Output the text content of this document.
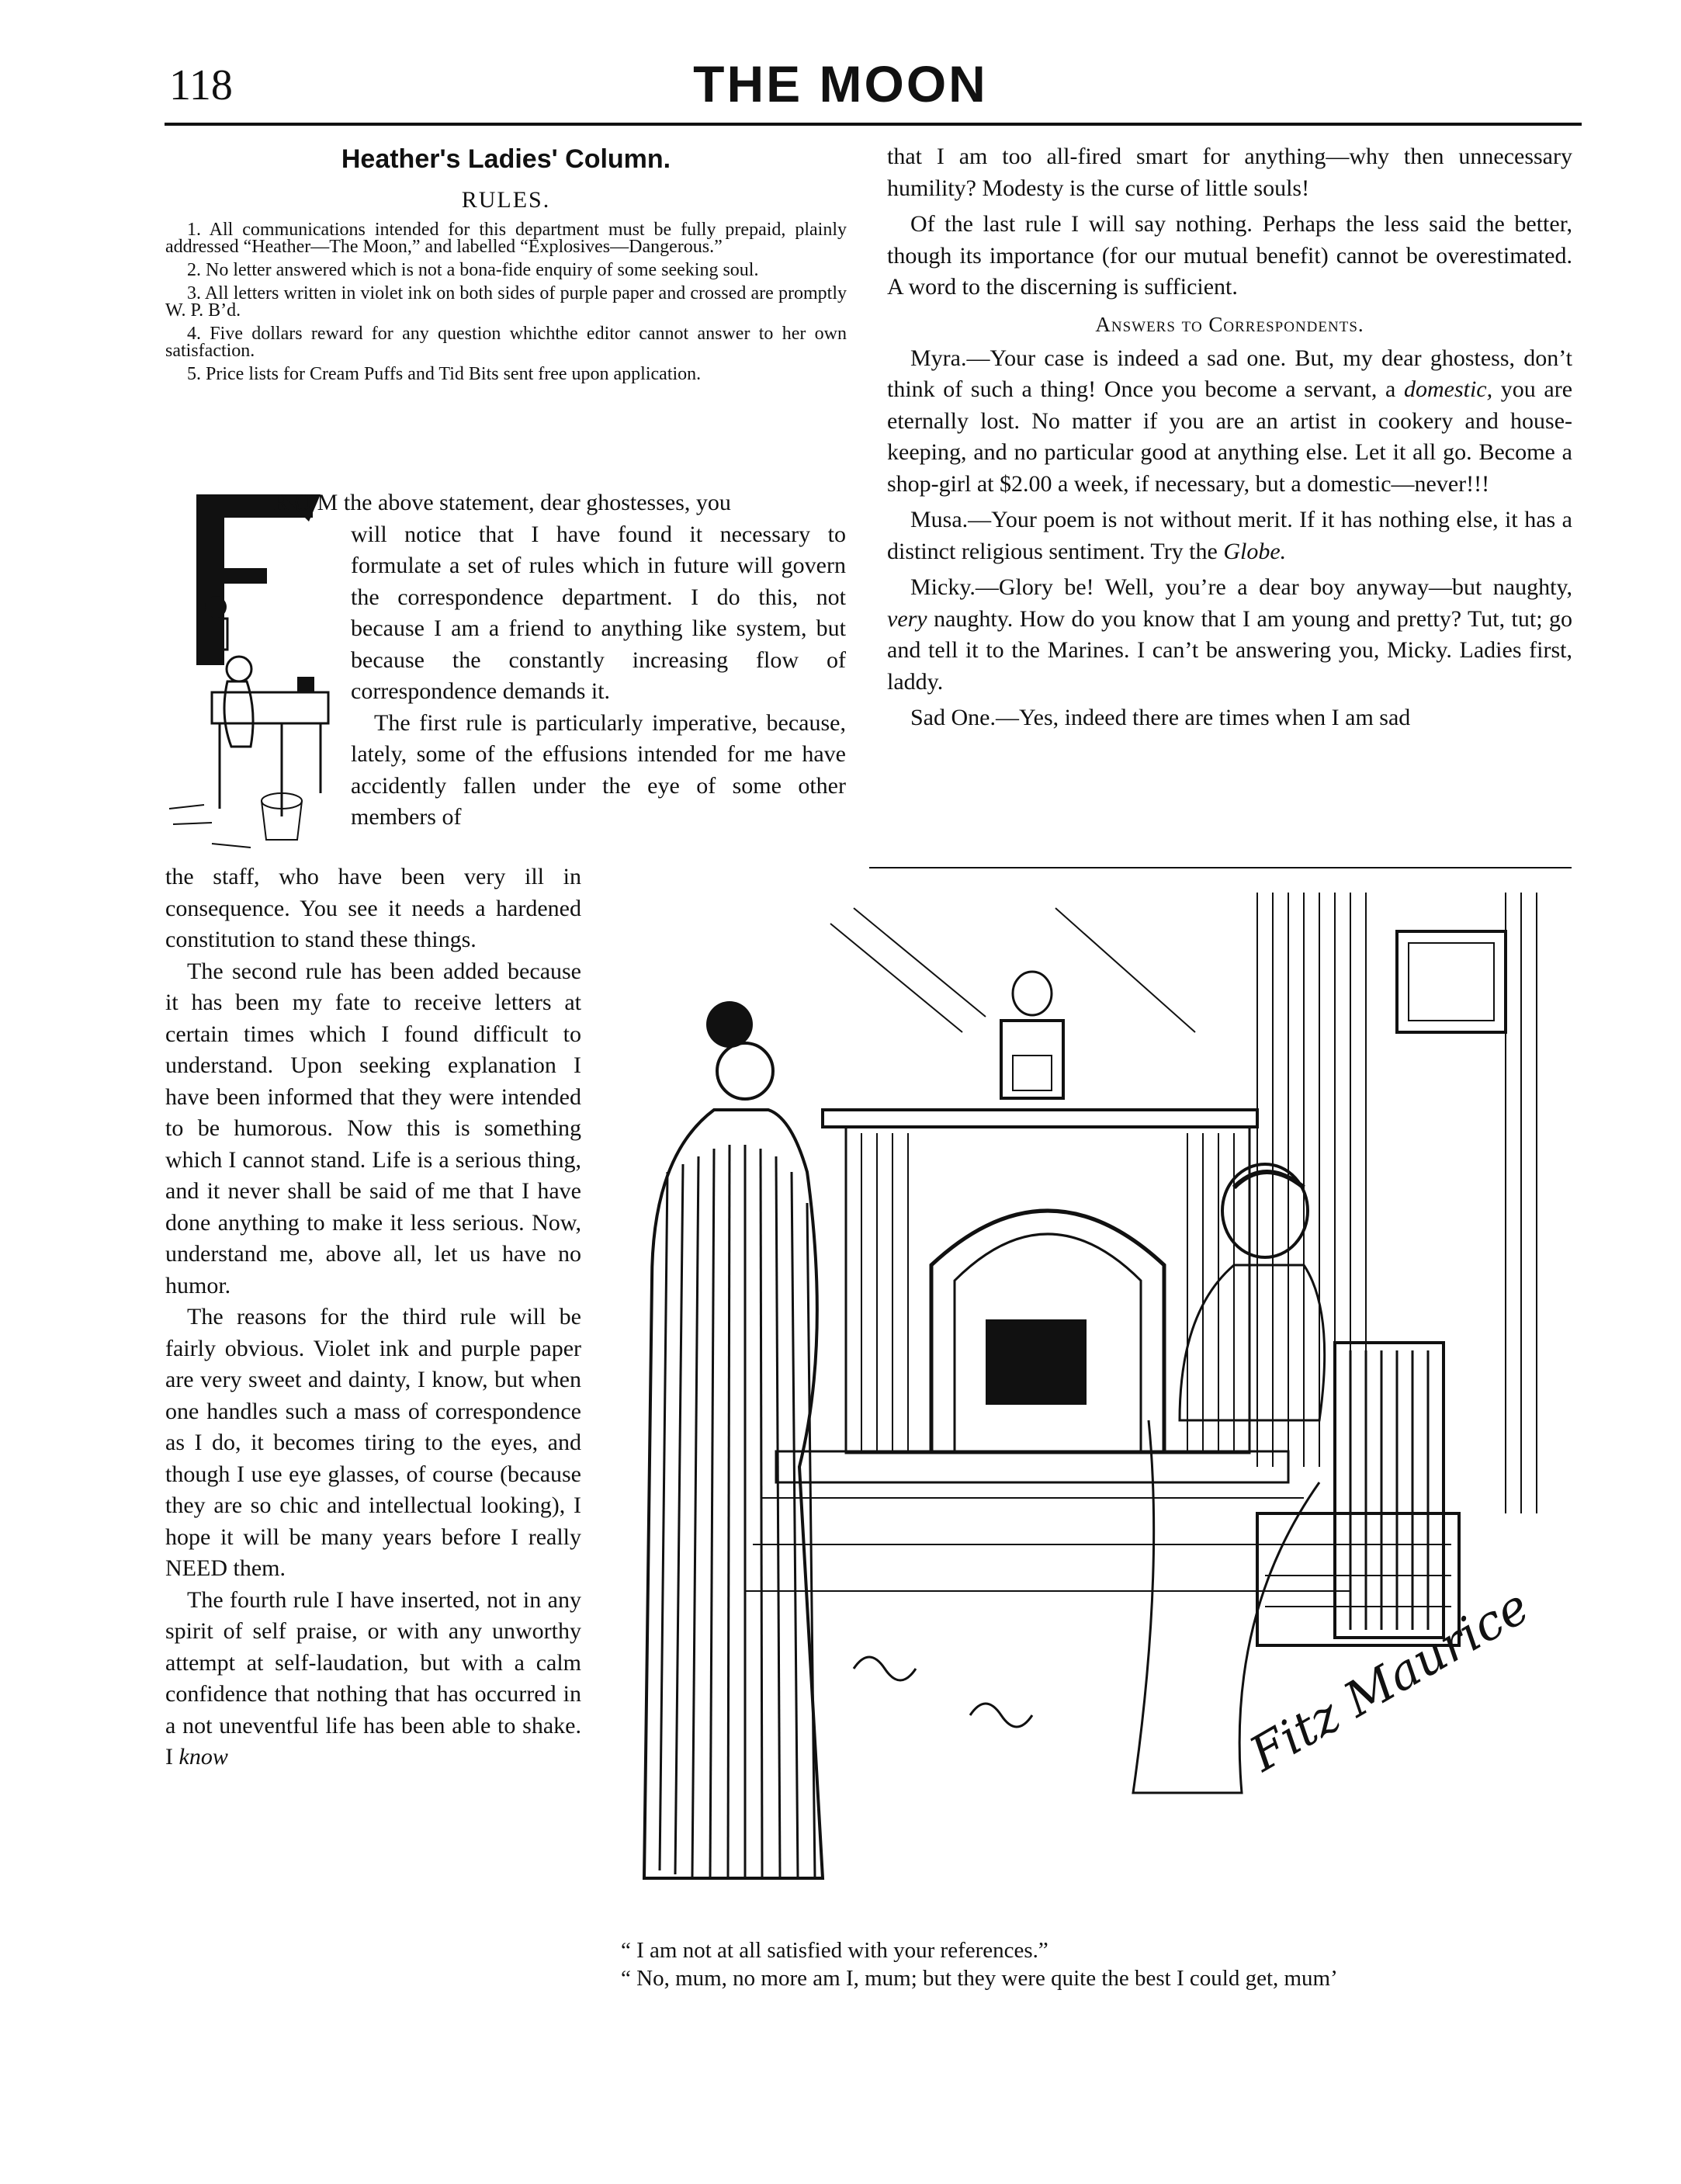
118	THE MOON
Heather's Ladies' Column.
RULES.
1. All communications intended for this department must be fully prepaid, plainly addressed “Heather—The Moon,” and labelled “Explosives—Dangerous.”
2. No letter answered which is not a bona-fide enquiry of some seeking soul.
3. All letters written in violet ink on both sides of purple paper and crossed are promptly W. P. B’d.
4. Five dollars reward for any question whichthe editor cannot answer to her own satisfaction.
5. Price lists for Cream Puffs and Tid Bits sent free upon application.
R O M the above statement, dear ghostesses, you
will notice that I have found it necessary to formulate a set of rules which in future will govern the correspondence department. I do this, not because I am a friend to anything like system, but because the constantly increasing flow of correspondence demands it.
The first rule is particularly imperative, because, lately, some of the effusions intended for me have accidently fallen under the eye of some other members of
the staff, who have been very ill in consequence. You see it needs a hardened constitution to stand these things.
The second rule has been added because it has been my fate to receive letters at certain times which I found difficult to understand. Upon seeking explanation I have been informed that they were intended to be humorous. Now this is something which I cannot stand. Life is a serious thing, and it never shall be said of me that I have done anything to make it less serious. Now, understand me, above all, let us have no humor.
The reasons for the third rule will be fairly obvious. Violet ink and purple paper are very sweet and dainty, I know, but when one handles such a mass of correspondence as I do, it becomes tiring to the eyes, and though I use eye glasses, of course (because they are so chic and intellectual looking), I hope it will be many years before I really NEED them.
The fourth rule I have inserted, not in any spirit of self praise, or with any unworthy attempt at self-laudation, but with a calm confidence that nothing that has occurred in a not uneventful life has been able to shake. I know
that I am too all-fired smart for anything—why then unnecessary humility? Modesty is the curse of little souls!
Of the last rule I will say nothing. Perhaps the less said the better, though its importance (for our mutual benefit) cannot be overestimated. A word to the discerning is sufficient.
Answers to Correspondents.
Myra.—Your case is indeed a sad one. But, my dear ghostess, don’t think of such a thing! Once you become a servant, a domestic, you are eternally lost. No matter if you are an artist in cookery and house-keeping, and no particular good at anything else. Let it all go. Become a shop-girl at $2.00 a week, if necessary, but a domestic—never!!!
Musa.—Your poem is not without merit. If it has nothing else, it has a distinct religious sentiment. Try the Globe.
Micky.—Glory be! Well, you’re a dear boy anyway—but naughty, very naughty. How do you know that I am young and pretty? Tut, tut; go and tell it to the Marines. I can’t be answering you, Micky. Ladies first, laddy.
Sad One.—Yes, indeed there are times when I am sad
Fitz Maurice
“ I am not at all satisfied with your references.”
“ No, mum, no more am I, mum; but they were quite the best I could get, mum’
